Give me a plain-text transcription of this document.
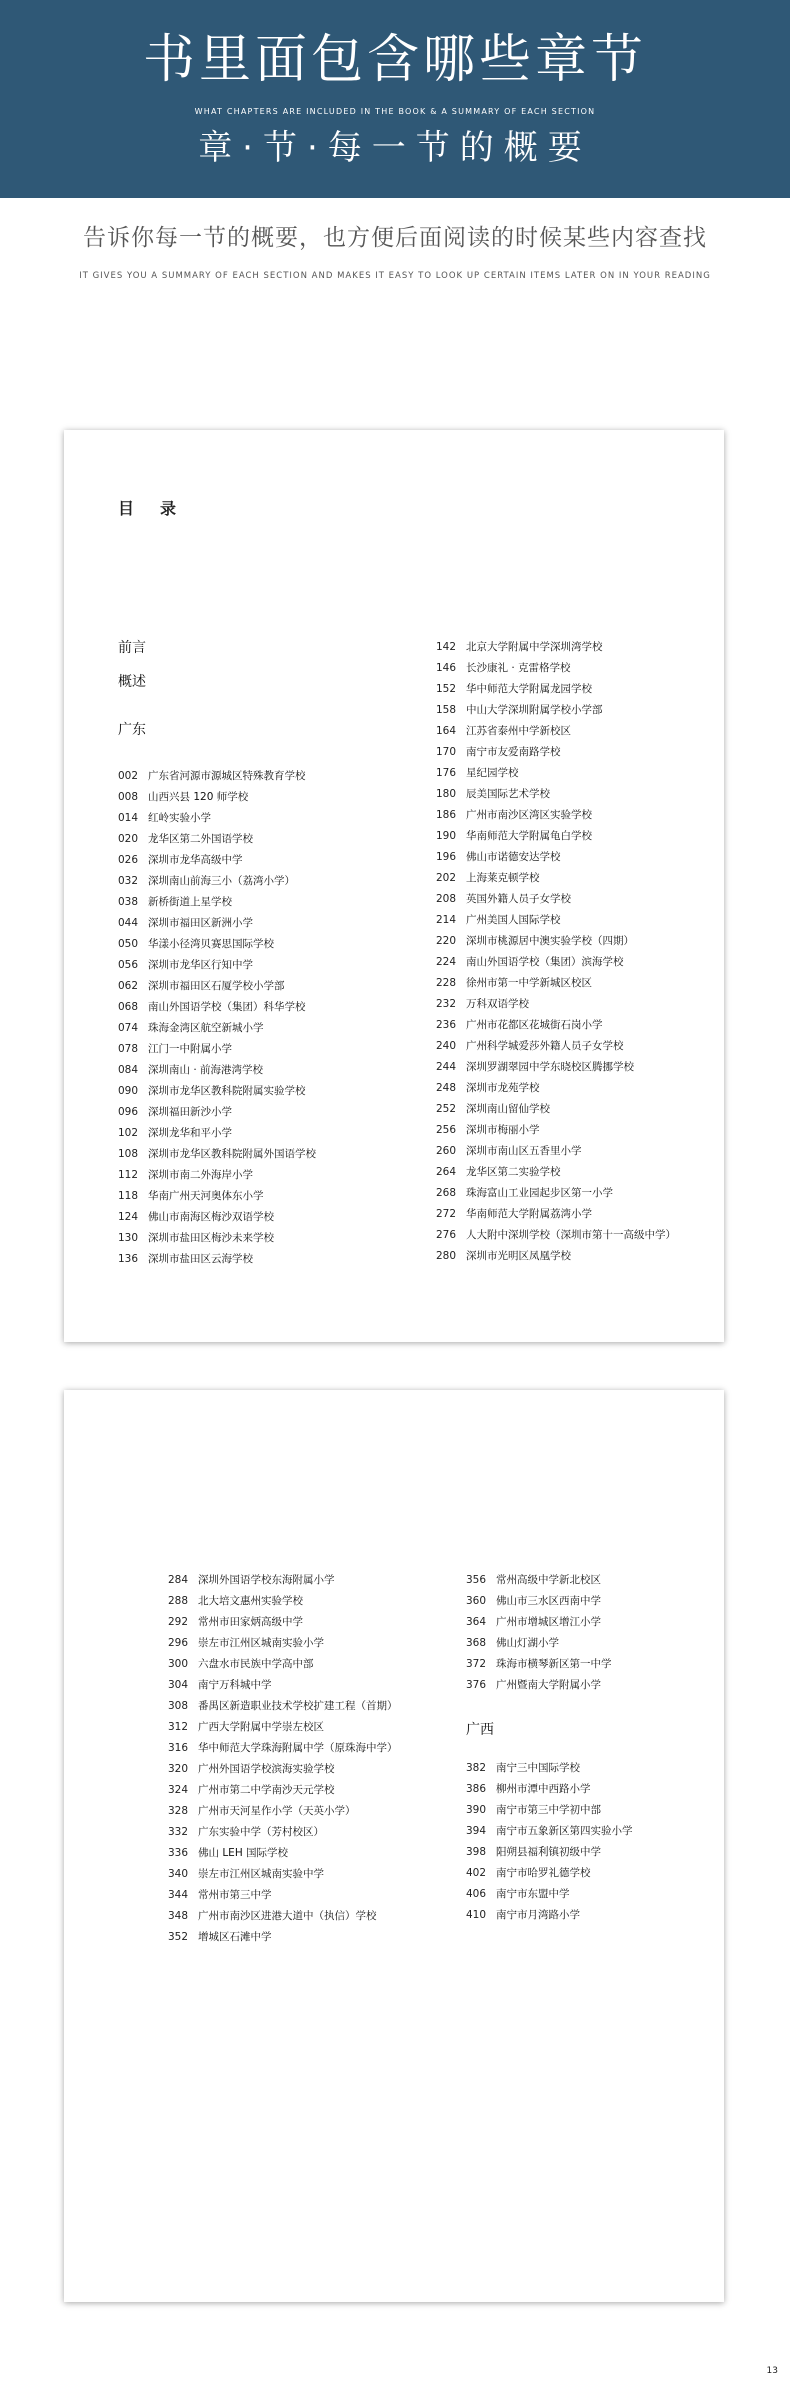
书里面包含哪些章节
WHAT CHAPTERS ARE INCLUDED IN THE BOOK & A SUMMARY OF EACH SECTION
章·节·每一节的概要
告诉你每一节的概要，也方便后面阅读的时候某些内容查找
IT GIVES YOU A SUMMARY OF EACH SECTION AND MAKES IT EASY TO LOOK UP CERTAIN ITEMS LATER ON IN YOUR READING
目录
前言
概述
广东
002 广东省河源市源城区特殊教育学校
008 山西兴县 120 师学校
014 红岭实验小学
020 龙华区第二外国语学校
026 深圳市龙华高级中学
032 深圳南山前海三小（荔湾小学）
038 新桥街道上星学校
044 深圳市福田区新洲小学
050 华漾小径湾贝赛思国际学校
056 深圳市龙华区行知中学
062 深圳市福田区石厦学校小学部
068 南山外国语学校（集团）科华学校
074 珠海金湾区航空新城小学
078 江门一中附属小学
084 深圳南山 · 前海港湾学校
090 深圳市龙华区教科院附属实验学校
096 深圳福田新沙小学
102 深圳龙华和平小学
108 深圳市龙华区教科院附属外国语学校
112 深圳市南二外海岸小学
118 华南广州天河奥体东小学
124 佛山市南海区梅沙双语学校
130 深圳市盐田区梅沙未来学校
136 深圳市盐田区云海学校
142 北京大学附属中学深圳湾学校
146 长沙康礼 · 克雷格学校
152 华中师范大学附属龙园学校
158 中山大学深圳附属学校小学部
164 江苏省泰州中学新校区
170 南宁市友爱南路学校
176 星纪园学校
180 辰美国际艺术学校
186 广州市南沙区湾区实验学校
190 华南师范大学附属龟白学校
196 佛山市诺德安达学校
202 上海莱克顿学校
208 英国外籍人员子女学校
214 广州美国人国际学校
220 深圳市桃源居中澳实验学校（四期）
224 南山外国语学校（集团）滨海学校
228 徐州市第一中学新城区校区
232 万科双语学校
236 广州市花都区花城街石岗小学
240 广州科学城爱莎外籍人员子女学校
244 深圳罗湖翠园中学东晓校区腾挪学校
248 深圳市龙苑学校
252 深圳南山留仙学校
256 深圳市梅丽小学
260 深圳市南山区五香里小学
264 龙华区第二实验学校
268 珠海富山工业园起步区第一小学
272 华南师范大学附属荔湾小学
276 人大附中深圳学校（深圳市第十一高级中学）
280 深圳市光明区凤凰学校
284 深圳外国语学校东海附属小学
288 北大培文惠州实验学校
292 常州市田家炳高级中学
296 崇左市江州区城南实验小学
300 六盘水市民族中学高中部
304 南宁万科城中学
308 番禺区新造职业技术学校扩建工程（首期）
312 广西大学附属中学崇左校区
316 华中师范大学珠海附属中学（原珠海中学）
320 广州外国语学校滨海实验学校
324 广州市第二中学南沙天元学校
328 广州市天河星作小学（天英小学）
332 广东实验中学（芳村校区）
336 佛山 LEH 国际学校
340 崇左市江州区城南实验中学
344 常州市第三中学
348 广州市南沙区进港大道中（执信）学校
352 增城区石滩中学
356 常州高级中学新北校区
360 佛山市三水区西南中学
364 广州市增城区增江小学
368 佛山灯湖小学
372 珠海市横琴新区第一中学
376 广州暨南大学附属小学
广西
382 南宁三中国际学校
386 柳州市潭中西路小学
390 南宁市第三中学初中部
394 南宁市五象新区第四实验小学
398 阳朔县福利镇初级中学
402 南宁市哈罗礼德学校
406 南宁市东盟中学
410 南宁市月湾路小学
13
